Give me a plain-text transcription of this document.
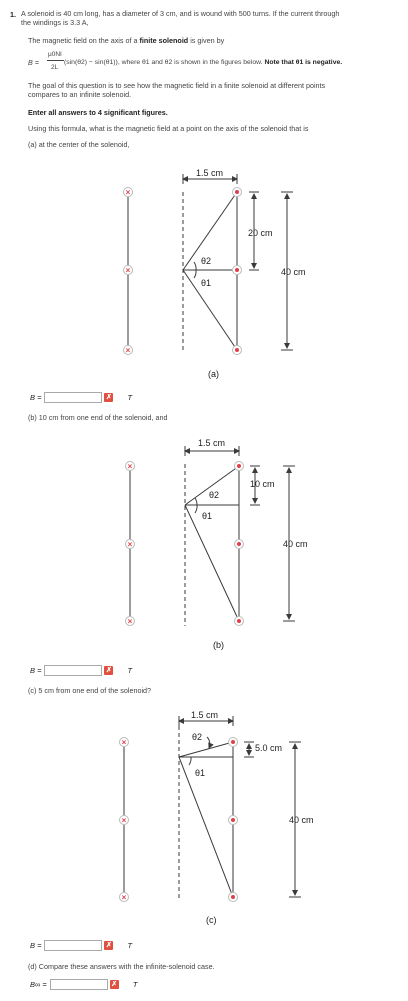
1. A solenoid is 40 cm long, has a diameter of 3 cm, and is wound with 500 turns. If the current through
the windings is 3.3 A,
The magnetic field on the axis of a finite solenoid is given by
B =
μ0NI
2L
(sin(θ2) − sin(θ1)), where θ1 and θ2 is shown in the figures below. Note that θ1 is negative.
The goal of this question is to see how the magnetic field in a finite solenoid at different points
compares to an infinite solenoid.
Enter all answers to 4 significant figures.
Using this formula, what is the magnetic field at a point on the axis of the solenoid that is
(a) at the center of the solenoid,
×
×
×
1.5 cm
20 cm
40 cm
θ2
θ1
(a)
×
×
×
1.5 cm
10 cm
40 cm
θ2
θ1
(b)
×
×
×
1.5 cm
5.0 cm
40 cm
θ2
θ1
(c)
B =	✗ T
(b) 10 cm from one end of the solenoid, and
B =	✗ T
(c) 5 cm from one end of the solenoid?
B =	✗ T
(d) Compare these answers with the infinite-solenoid case.
B∞ =	✗ T
